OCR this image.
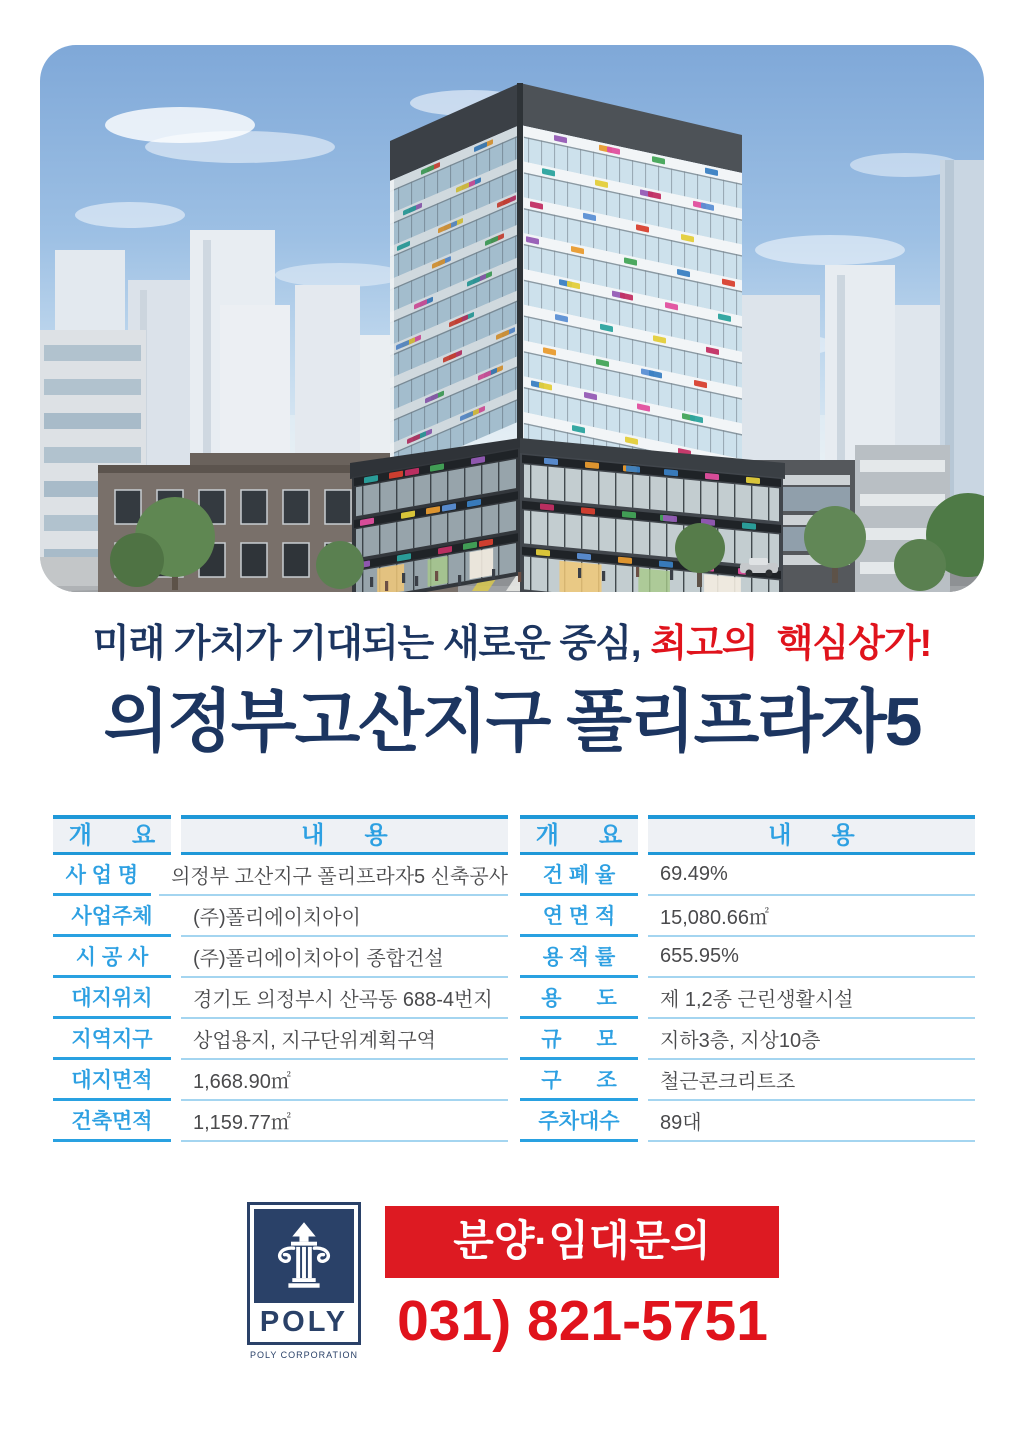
미래 가치가 기대되는 새로운 중심, 최고의  핵심상가!
의정부고산지구 폴리프라자5
개      요	내      용
사 업 명	의정부 고산지구 폴리프라자5 신축공사
사업주체	(주)폴리에이치아이
시 공 사	(주)폴리에이치아이 종합건설
대지위치	경기도 의정부시 산곡동 688-4번지
지역지구	상업용지, 지구단위계획구역
대지면적	1,668.90㎡
건축면적	1,159.77㎡
개      요	내      용
건 폐 율	69.49%
연 면 적	15,080.66㎡
용 적 률	655.95%
용      도	제 1,2종 근린생활시설
규      모	지하3층, 지상10층
구      조	철근콘크리트조
주차대수	89대
POLY
POLY CORPORATION
분양·임대문의
031) 821-5751
